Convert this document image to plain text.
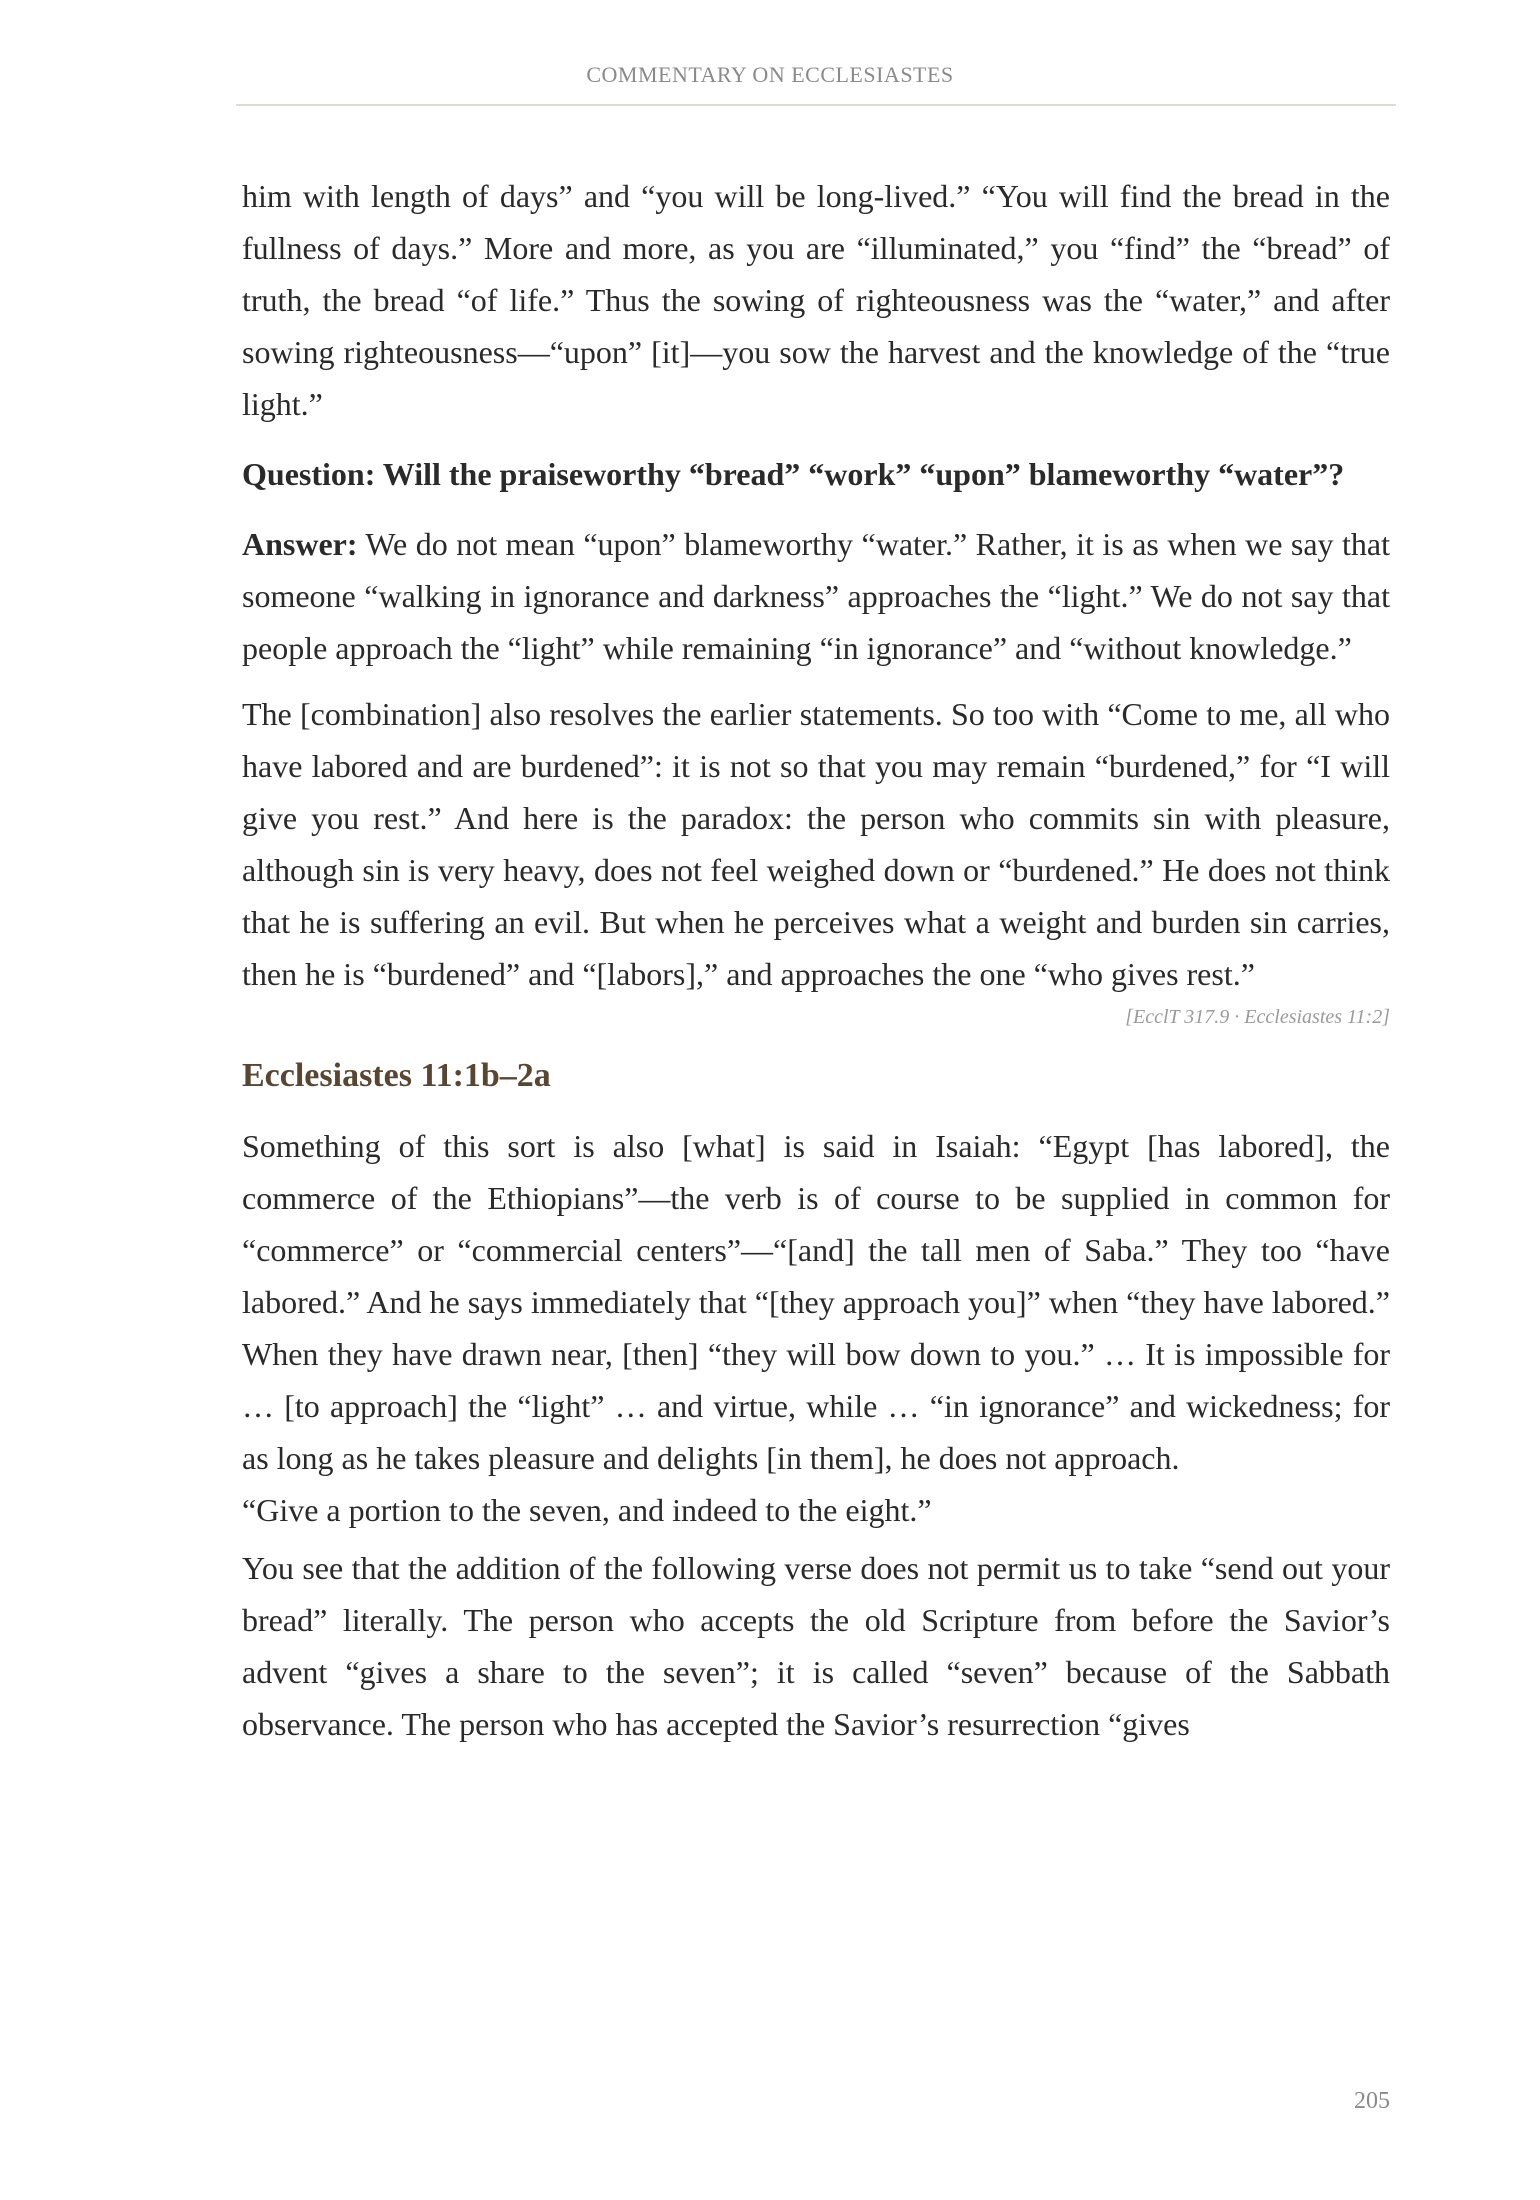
COMMENTARY ON ECCLESIASTES

him with length of days” and “you will be long-lived.” “You will find the bread in the fullness of days.” More and more, as you are “illuminated,” you “find” the “bread” of truth, the bread “of life.” Thus the sowing of righteousness was the “water,” and after sowing righteousness—“upon” [it]—you sow the harvest and the knowledge of the “true light.”

Question: Will the praiseworthy “bread” “work” “upon” blameworthy “water”?

Answer: We do not mean “upon” blameworthy “water.” Rather, it is as when we say that someone “walking in ignorance and darkness” approaches the “light.” We do not say that people approach the “light” while remaining “in ignorance” and “without knowledge.”

The [combination] also resolves the earlier statements. So too with “Come to me, all who have labored and are burdened”: it is not so that you may remain “burdened,” for “I will give you rest.” And here is the paradox: the person who commits sin with pleasure, although sin is very heavy, does not feel weighed down or “burdened.” He does not think that he is suffering an evil. But when he perceives what a weight and burden sin carries, then he is “burdened” and “[labors],” and approaches the one “who gives rest.”

[EcclT 317.9 · Ecclesiastes 11:2]
Ecclesiastes 11:1b–2a

Something of this sort is also [what] is said in Isaiah: “Egypt [has labored], the commerce of the Ethiopians”—the verb is of course to be supplied in common for “commerce” or “commercial centers”—“[and] the tall men of Saba.” They too “have labored.” And he says immediately that “[they approach you]” when “they have labored.” When they have drawn near, [then] “they will bow down to you.” … It is impossible for … [to approach] the “light” … and virtue, while … “in ignorance” and wickedness; for as long as he takes pleasure and delights [in them], he does not approach.

“Give a portion to the seven, and indeed to the eight.”

You see that the addition of the following verse does not permit us to take “send out your bread” literally. The person who accepts the old Scripture from before the Savior’s advent “gives a share to the seven”; it is called “seven” because of the Sabbath observance. The person who has accepted the Savior’s resurrection “gives

205
